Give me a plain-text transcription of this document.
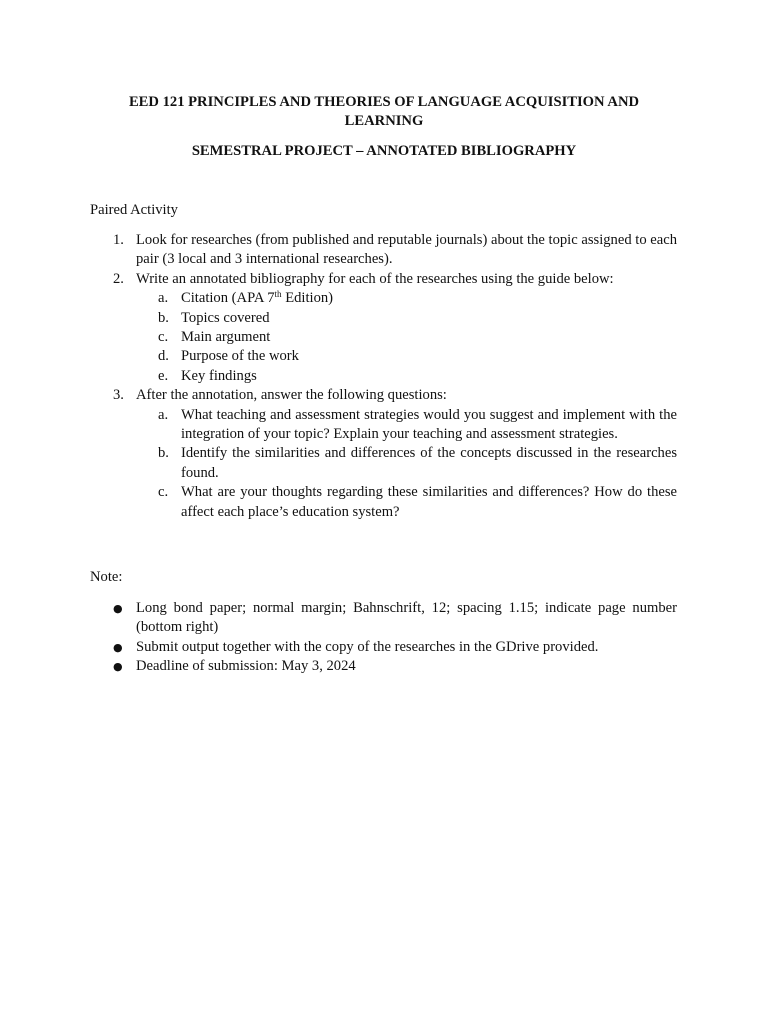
EED 121 PRINCIPLES AND THEORIES OF LANGUAGE ACQUISITION AND LEARNING
SEMESTRAL PROJECT – ANNOTATED BIBLIOGRAPHY
Paired Activity
1. Look for researches (from published and reputable journals) about the topic assigned to each pair (3 local and 3 international researches).
2. Write an annotated bibliography for each of the researches using the guide below:
a. Citation (APA 7th Edition)
b. Topics covered
c. Main argument
d. Purpose of the work
e. Key findings
3. After the annotation, answer the following questions:
a. What teaching and assessment strategies would you suggest and implement with the integration of your topic? Explain your teaching and assessment strategies.
b. Identify the similarities and differences of the concepts discussed in the researches found.
c. What are your thoughts regarding these similarities and differences? How do these affect each place’s education system?
Note:
● Long bond paper; normal margin; Bahnschrift, 12; spacing 1.15; indicate page number (bottom right)
● Submit output together with the copy of the researches in the GDrive provided.
● Deadline of submission: May 3, 2024
